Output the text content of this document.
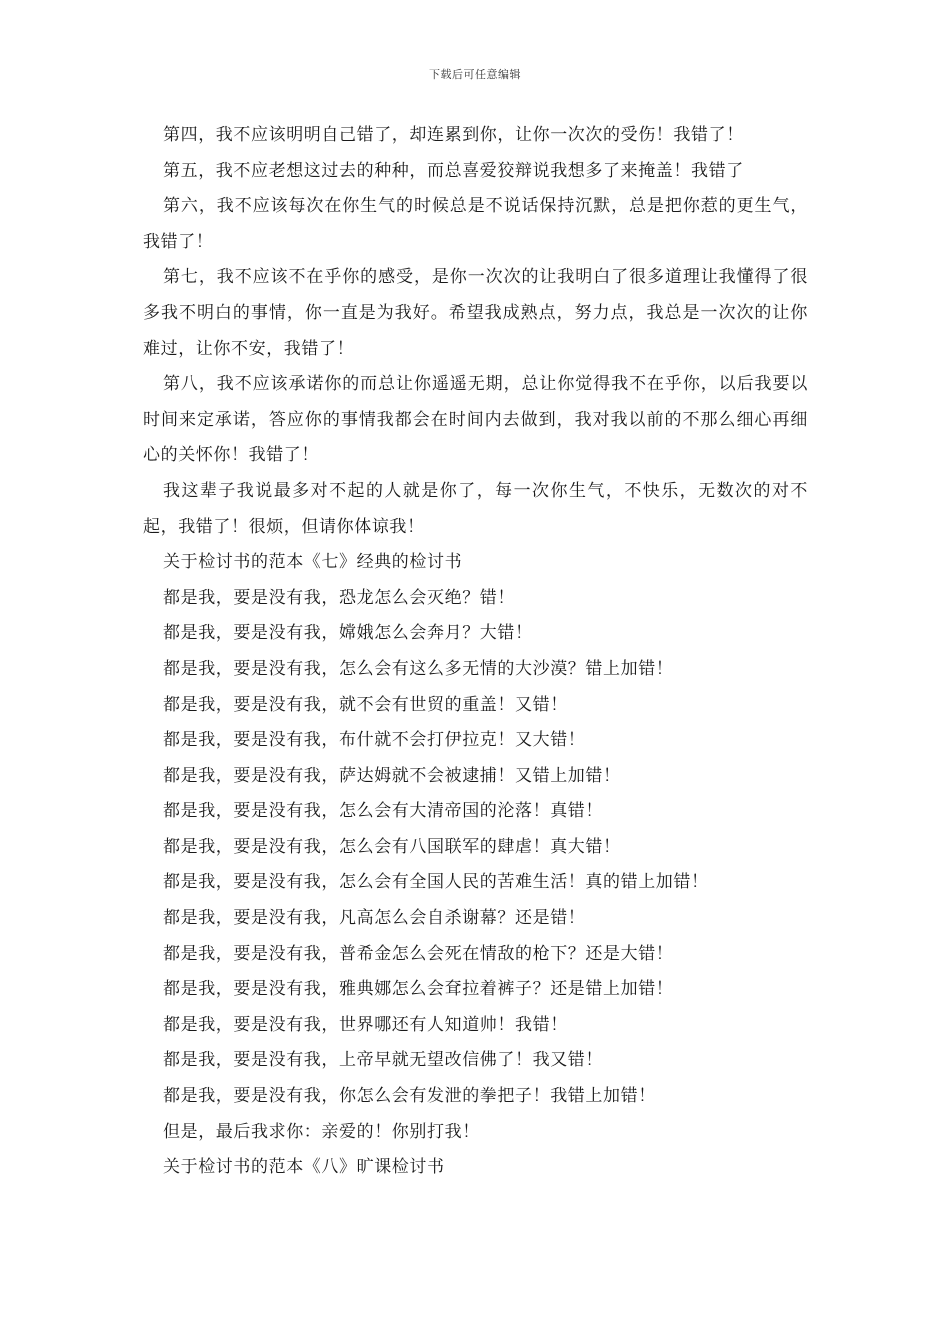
下载后可任意编辑

第四，我不应该明明自己错了，却连累到你，让你一次次的受伤！我错了！

第五，我不应老想这过去的种种，而总喜爱狡辩说我想多了来掩盖！我错了

第六，我不应该每次在你生气的时候总是不说话保持沉默，总是把你惹的更生气，我错了！

第七，我不应该不在乎你的感受，是你一次次的让我明白了很多道理让我懂得了很多我不明白的事情，你一直是为我好。希望我成熟点，努力点，我总是一次次的让你难过，让你不安，我错了！

第八，我不应该承诺你的而总让你遥遥无期，总让你觉得我不在乎你，以后我要以时间来定承诺，答应你的事情我都会在时间内去做到，我对我以前的不那么细心再细心的关怀你！我错了！

我这辈子我说最多对不起的人就是你了，每一次你生气，不快乐，无数次的对不起，我错了！很烦，但请你体谅我！

关于检讨书的范本《七》经典的检讨书

都是我，要是没有我，恐龙怎么会灭绝？错！

都是我，要是没有我，嫦娥怎么会奔月？大错！

都是我，要是没有我，怎么会有这么多无情的大沙漠？错上加错！

都是我，要是没有我，就不会有世贸的重盖！又错！

都是我，要是没有我，布什就不会打伊拉克！又大错！

都是我，要是没有我，萨达姆就不会被逮捕！又错上加错！

都是我，要是没有我，怎么会有大清帝国的沦落！真错！

都是我，要是没有我，怎么会有八国联军的肆虐！真大错！

都是我，要是没有我，怎么会有全国人民的苦难生活！真的错上加错！

都是我，要是没有我，凡高怎么会自杀谢幕？还是错！

都是我，要是没有我，普希金怎么会死在情敌的枪下？还是大错！

都是我，要是没有我，雅典娜怎么会耷拉着裤子？还是错上加错！

都是我，要是没有我，世界哪还有人知道帅！我错！

都是我，要是没有我，上帝早就无望改信佛了！我又错！

都是我，要是没有我，你怎么会有发泄的拳把子！我错上加错！

但是，最后我求你：亲爱的！你别打我！

关于检讨书的范本《八》旷课检讨书
